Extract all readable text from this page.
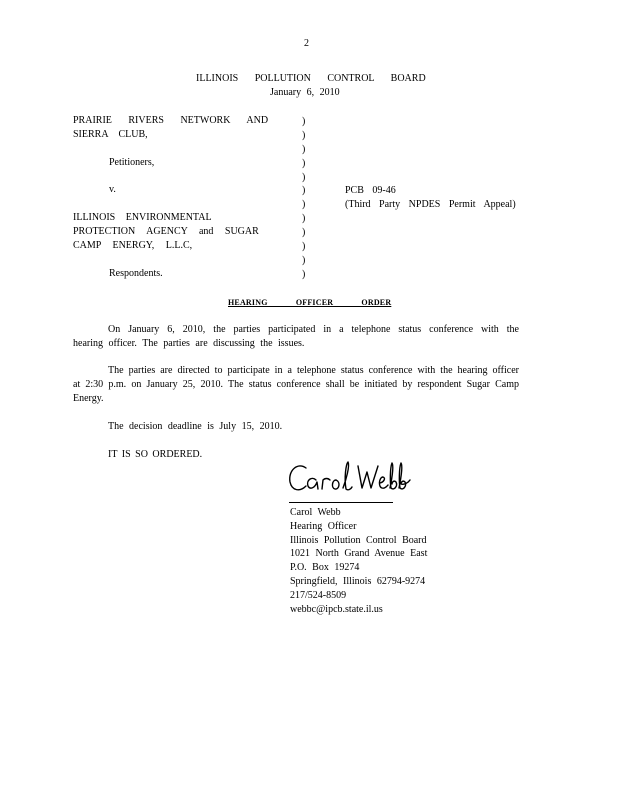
2
ILLINOIS POLLUTION CONTROL BOARD
January 6, 2010
PRAIRIE RIVERS NETWORK AND
SIERRA CLUB,
Petitioners,
v.
ILLINOIS ENVIRONMENTAL
PROTECTION AGENCY and SUGAR
CAMP ENERGY, L.L.C,
Respondents.
)
)
)
)
)
)
)
)
)
)
)
)
PCB 09-46
(Third Party NPDES Permit Appeal)
HEARING OFFICER ORDER
On January 6, 2010, the parties participated in a telephone status conference with the hearing officer. The parties are discussing the issues.
The parties are directed to participate in a telephone status conference with the hearing officer at 2:30 p.m. on January 25, 2010. The status conference shall be initiated by respondent Sugar Camp Energy.
The decision deadline is July 15, 2010.
IT IS SO ORDERED.
Carol Webb
Hearing Officer
Illinois Pollution Control Board
1021 North Grand Avenue East
P.O. Box 19274
Springfield, Illinois 62794-9274
217/524-8509
webbc@ipcb.state.il.us
